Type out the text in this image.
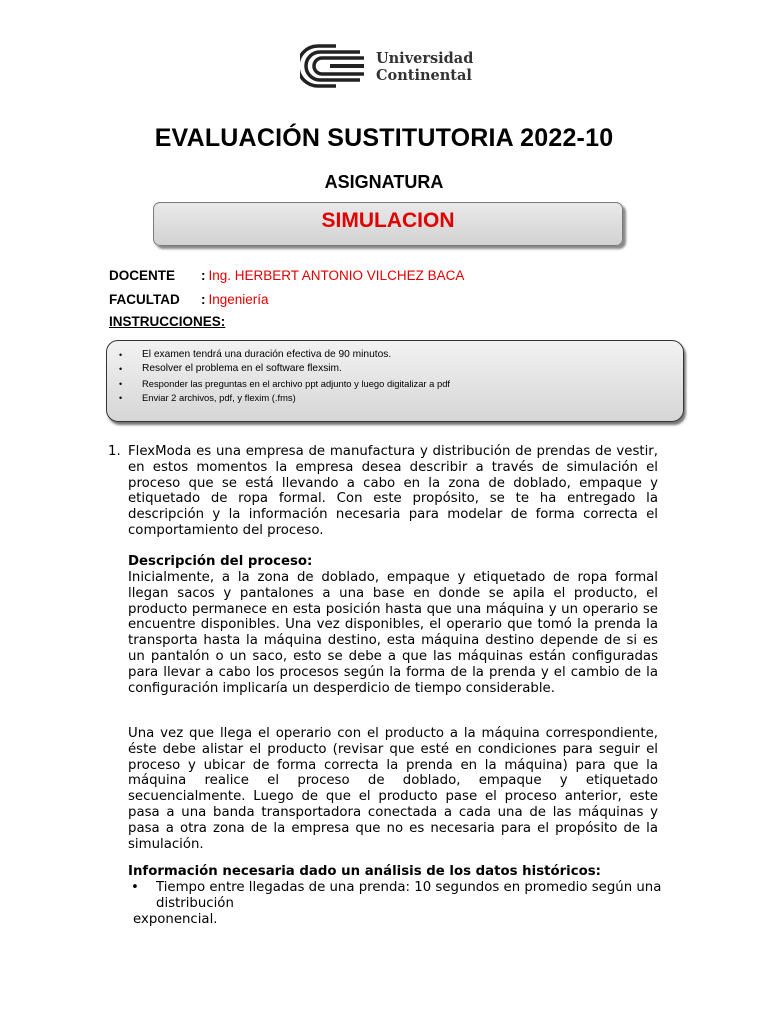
Universidad
Continental
EVALUACIÓN SUSTITUTORIA 2022-10
ASIGNATURA
SIMULACION
DOCENTE : Ing. HERBERT ANTONIO VILCHEZ BACA
FACULTAD : Ingeniería
INSTRUCCIONES:
• El examen tendrá una duración efectiva de 90 minutos.
• Resolver el problema en el software flexsim.
• Responder las preguntas en el archivo ppt adjunto y luego digitalizar a pdf
• Enviar 2 archivos, pdf, y flexim (.fms)
1. FlexModa es una empresa de manufactura y distribución de prendas de vestir, en estos momentos la empresa desea describir a través de simulación el proceso que se está llevando a cabo en la zona de doblado, empaque y etiquetado de ropa formal. Con este propósito, se te ha entregado la descripción y la información necesaria para modelar de forma correcta el comportamiento del proceso.
Descripción del proceso:
Inicialmente, a la zona de doblado, empaque y etiquetado de ropa formal llegan sacos y pantalones a una base en donde se apila el producto, el producto permanece en esta posición hasta que una máquina y un operario se encuentre disponibles. Una vez disponibles, el operario que tomó la prenda la transporta hasta la máquina destino, esta máquina destino depende de si es un pantalón o un saco, esto se debe a que las máquinas están configuradas para llevar a cabo los procesos según la forma de la prenda y el cambio de la configuración implicaría un desperdicio de tiempo considerable.
Una vez que llega el operario con el producto a la máquina correspondiente, éste debe alistar el producto (revisar que esté en condiciones para seguir el proceso y ubicar de forma correcta la prenda en la máquina) para que la máquina realice el proceso de doblado, empaque y etiquetado secuencialmente. Luego de que el producto pase el proceso anterior, este pasa a una banda transportadora conectada a cada una de las máquinas y pasa a otra zona de la empresa que no es necesaria para el propósito de la simulación.
Información necesaria dado un análisis de los datos históricos:
• Tiempo entre llegadas de una prenda: 10 segundos en promedio según una distribución
exponencial.
